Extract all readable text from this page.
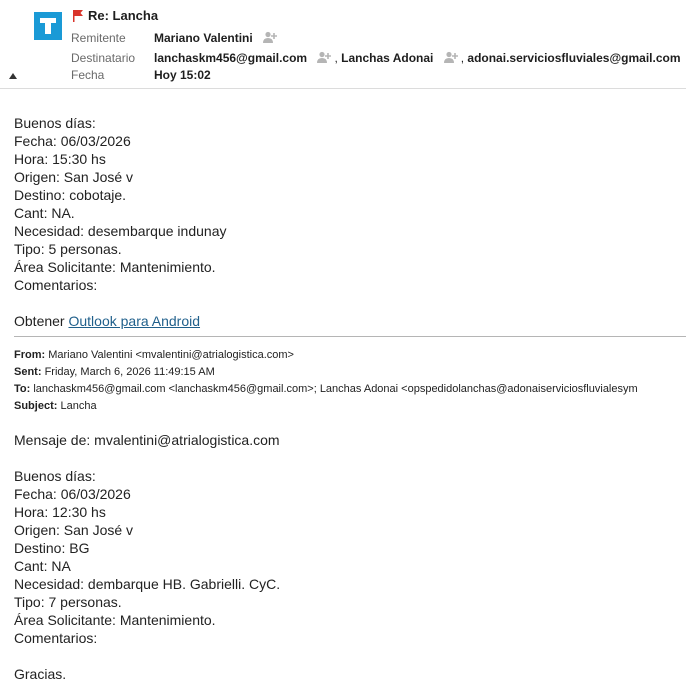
Re: Lancha
Remitente Mariano Valentini
Destinatario lanchaskm456@gmail.com , Lanchas Adonai , adonai.serviciosfluviales@gmail.com
Fecha	Hoy 15:02
Buenos días:
Fecha: 06/03/2026
Hora: 15:30 hs
Origen: San José v
Destino: cobotaje.
Cant: NA.
Necesidad: desembarque indunay
Tipo: 5 personas.
Área Solicitante: Mantenimiento.
Comentarios:
Obtener Outlook para Android
From: Mariano Valentini <mvalentini@atrialogistica.com>
Sent: Friday, March 6, 2026 11:49:15 AM
To: lanchaskm456@gmail.com <lanchaskm456@gmail.com>; Lanchas Adonai <opspedidolanchas@adonaiserviciosfluvialesym
Subject: Lancha
Mensaje de: mvalentini@atrialogistica.com
Buenos días:
Fecha: 06/03/2026
Hora: 12:30 hs
Origen: San José v
Destino: BG
Cant: NA
Necesidad: dembarque HB. Gabrielli. CyC.
Tipo: 7 personas.
Área Solicitante: Mantenimiento.
Comentarios:
Gracias.
